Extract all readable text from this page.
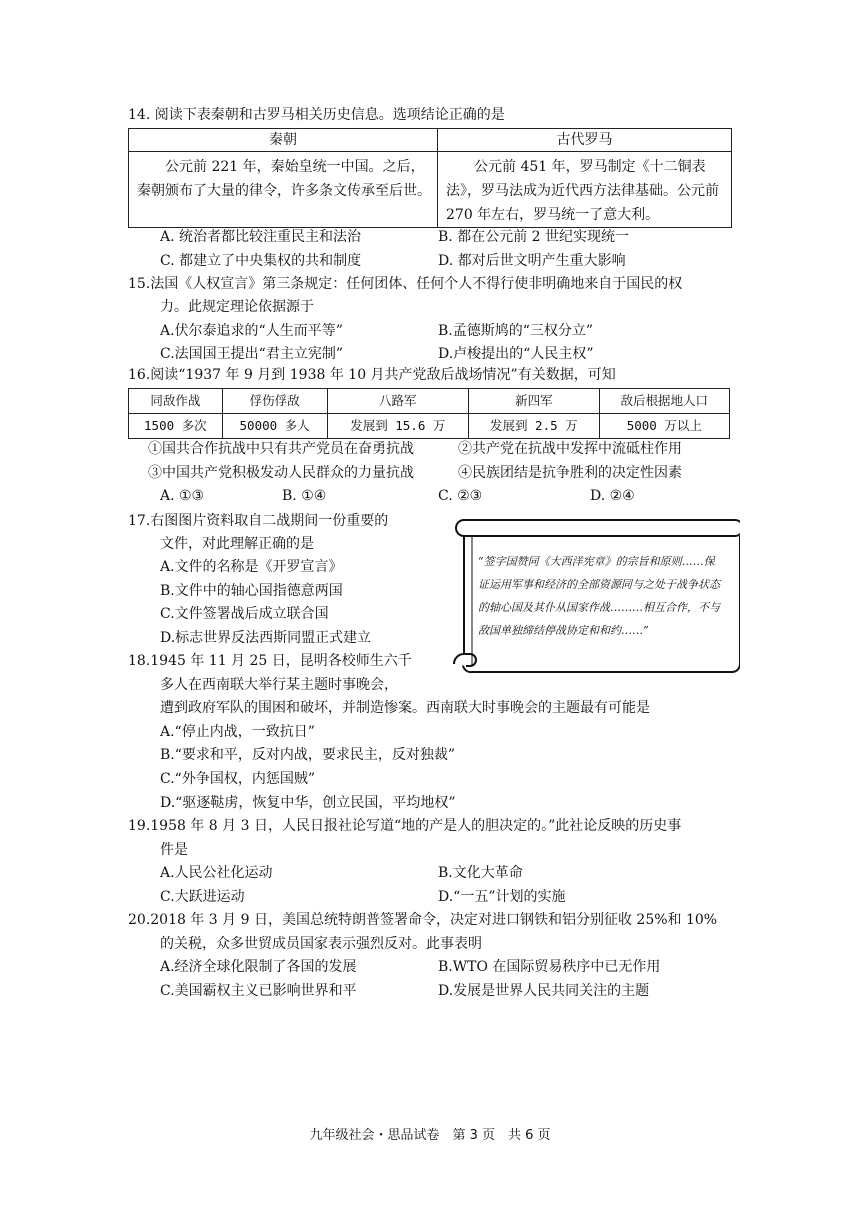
14. 阅读下表秦朝和古罗马相关历史信息。选项结论正确的是
秦朝	古代罗马
公元前 221 年，秦始皇统一中国。之后，秦朝颁布了大量的律令，许多条文传承至后世。	公元前 451 年，罗马制定《十二铜表法》，罗马法成为近代西方法律基础。公元前 270 年左右，罗马统一了意大利。
A. 统治者都比较注重民主和法治	B. 都在公元前 2 世纪实现统一
C. 都建立了中央集权的共和制度	D. 都对后世文明产生重大影响
15.法国《人权宣言》第三条规定：任何团体、任何个人不得行使非明确地来自于国民的权
力。此规定理论依据源于
A.伏尔泰追求的“人生而平等”	B.孟德斯鸠的“三权分立”
C.法国国王提出“君主立宪制”	D.卢梭提出的“人民主权”
16.阅读“1937 年 9 月到 1938 年 10 月共产党敌后战场情况”有关数据，可知
同敌作战	俘伤俘敌	八路军	新四军	敌后根据地人口
1500 多次	50000 多人	发展到 15.6 万	发展到 2.5 万	5000 万以上
①国共合作抗战中只有共产党员在奋勇抗战	②共产党在抗战中发挥中流砥柱作用
③中国共产党积极发动人民群众的力量抗战	④民族团结是抗争胜利的决定性因素
A. ①③	B. ①④	C. ②③	D. ②④
17.右图图片资料取自二战期间一份重要的
文件，对此理解正确的是
A.文件的名称是《开罗宣言》
B.文件中的轴心国指德意两国
C.文件签署战后成立联合国
D.标志世界反法西斯同盟正式建立
“签字国赞同《大西洋宪章》的宗旨和原则……保证运用军事和经济的全部资源同与之处于战争状态的轴心国及其仆从国家作战………相互合作，不与敌国单独缔结停战协定和和约……”
18.1945 年 11 月 25 日，昆明各校师生六千
多人在西南联大举行某主题时事晚会，
遭到政府军队的围困和破坏，并制造惨案。西南联大时事晚会的主题最有可能是
A.“停止内战，一致抗日”
B.“要求和平，反对内战，要求民主，反对独裁”
C.“外争国权，内惩国贼”
D.“驱逐鞑虏，恢复中华，创立民国，平均地权”
19.1958 年 8 月 3 日，人民日报社论写道“地的产是人的胆决定的。”此社论反映的历史事
件是
A.人民公社化运动	B.文化大革命
C.大跃进运动	D.“一五”计划的实施
20.2018 年 3 月 9 日，美国总统特朗普签署命令，决定对进口钢铁和铝分别征收 25%和 10%
的关税，众多世贸成员国家表示强烈反对。此事表明
A.经济全球化限制了各国的发展	B.WTO 在国际贸易秩序中已无作用
C.美国霸权主义已影响世界和平	D.发展是世界人民共同关注的主题
九年级社会・思品试卷　第 3 页　共 6 页
